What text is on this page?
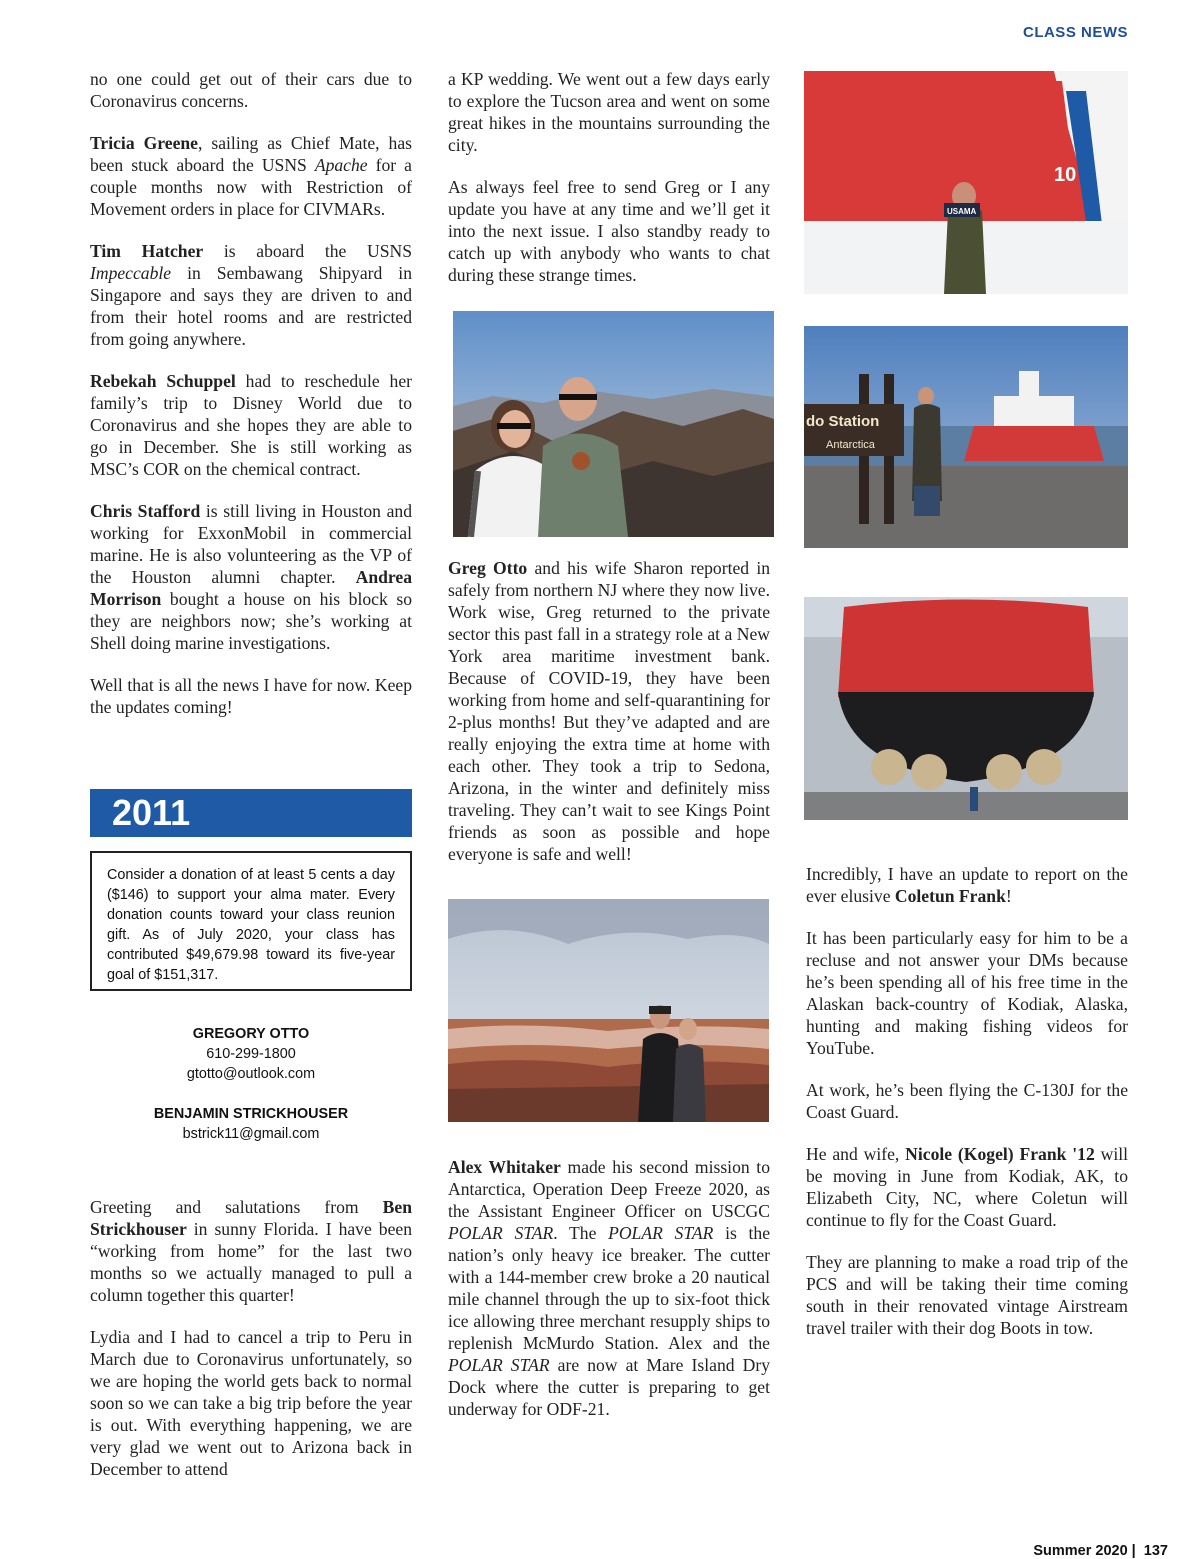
CLASS NEWS

no one could get out of their cars due to Coronavirus concerns.

Tricia Greene, sailing as Chief Mate, has been stuck aboard the USNS Apache for a couple months now with Restriction of Movement orders in place for CIVMARs.

Tim Hatcher is aboard the USNS Impeccable in Sembawang Shipyard in Singapore and says they are driven to and from their hotel rooms and are restricted from going anywhere.

Rebekah Schuppel had to reschedule her family’s trip to Disney World due to Coronavirus and she hopes they are able to go in December. She is still working as MSC’s COR on the chemical contract.

Chris Stafford is still living in Houston and working for ExxonMobil in commercial marine. He is also volunteering as the VP of the Houston alumni chapter. Andrea Morrison bought a house on his block so they are neighbors now; she’s working at Shell doing marine investigations.

Well that is all the news I have for now. Keep the updates coming!

2011
Consider a donation of at least 5 cents a day ($146) to support your alma mater. Every donation counts toward your class reunion gift. As of July 2020, your class has contributed $49,679.98 toward its five-year goal of $151,317.
GREGORY OTTO
610-299-1800
gtotto@outlook.com
BENJAMIN STRICKHOUSER
bstrick11@gmail.com

Greeting and salutations from Ben Strickhouser in sunny Florida. I have been “working from home” for the last two months so we actually managed to pull a column together this quarter!

Lydia and I had to cancel a trip to Peru in March due to Coronavirus unfortunately, so we are hoping the world gets back to normal soon so we can take a big trip before the year is out. With everything happening, we are very glad we went out to Arizona back in December to attend

a KP wedding. We went out a few days early to explore the Tucson area and went on some great hikes in the mountains surrounding the city.

As always feel free to send Greg or I any update you have at any time and we’ll get it into the next issue. I also standby ready to catch up with anybody who wants to chat during these strange times.

Greg Otto and his wife Sharon reported in safely from northern NJ where they now live. Work wise, Greg returned to the private sector this past fall in a strategy role at a New York area maritime investment bank. Because of COVID-19, they have been working from home and self-quarantining for 2-plus months! But they’ve adapted and are really enjoying the extra time at home with each other. They took a trip to Sedona, Arizona, in the winter and definitely miss traveling. They can’t wait to see Kings Point friends as soon as possible and hope everyone is safe and well!

Alex Whitaker made his second mission to Antarctica, Operation Deep Freeze 2020, as the Assistant Engineer Officer on USCGC POLAR STAR. The POLAR STAR is the nation’s only heavy ice breaker. The cutter with a 144-member crew broke a 20 nautical mile channel through the up to six-foot thick ice allowing three merchant resupply ships to replenish McMurdo Station. Alex and the POLAR STAR are now at Mare Island Dry Dock where the cutter is preparing to get underway for ODF-21.

10
USAMA
do Station
Antarctica

Incredibly, I have an update to report on the ever elusive Coletun Frank!

It has been particularly easy for him to be a recluse and not answer your DMs because he’s been spending all of his free time in the Alaskan back-country of Kodiak, Alaska, hunting and making fishing videos for YouTube.

At work, he’s been flying the C-130J for the Coast Guard.

He and wife, Nicole (Kogel) Frank '12 will be moving in June from Kodiak, AK, to Elizabeth City, NC, where Coletun will continue to fly for the Coast Guard.

They are planning to make a road trip of the PCS and will be taking their time coming south in their renovated vintage Airstream travel trailer with their dog Boots in tow.

Summer 2020 |  137
